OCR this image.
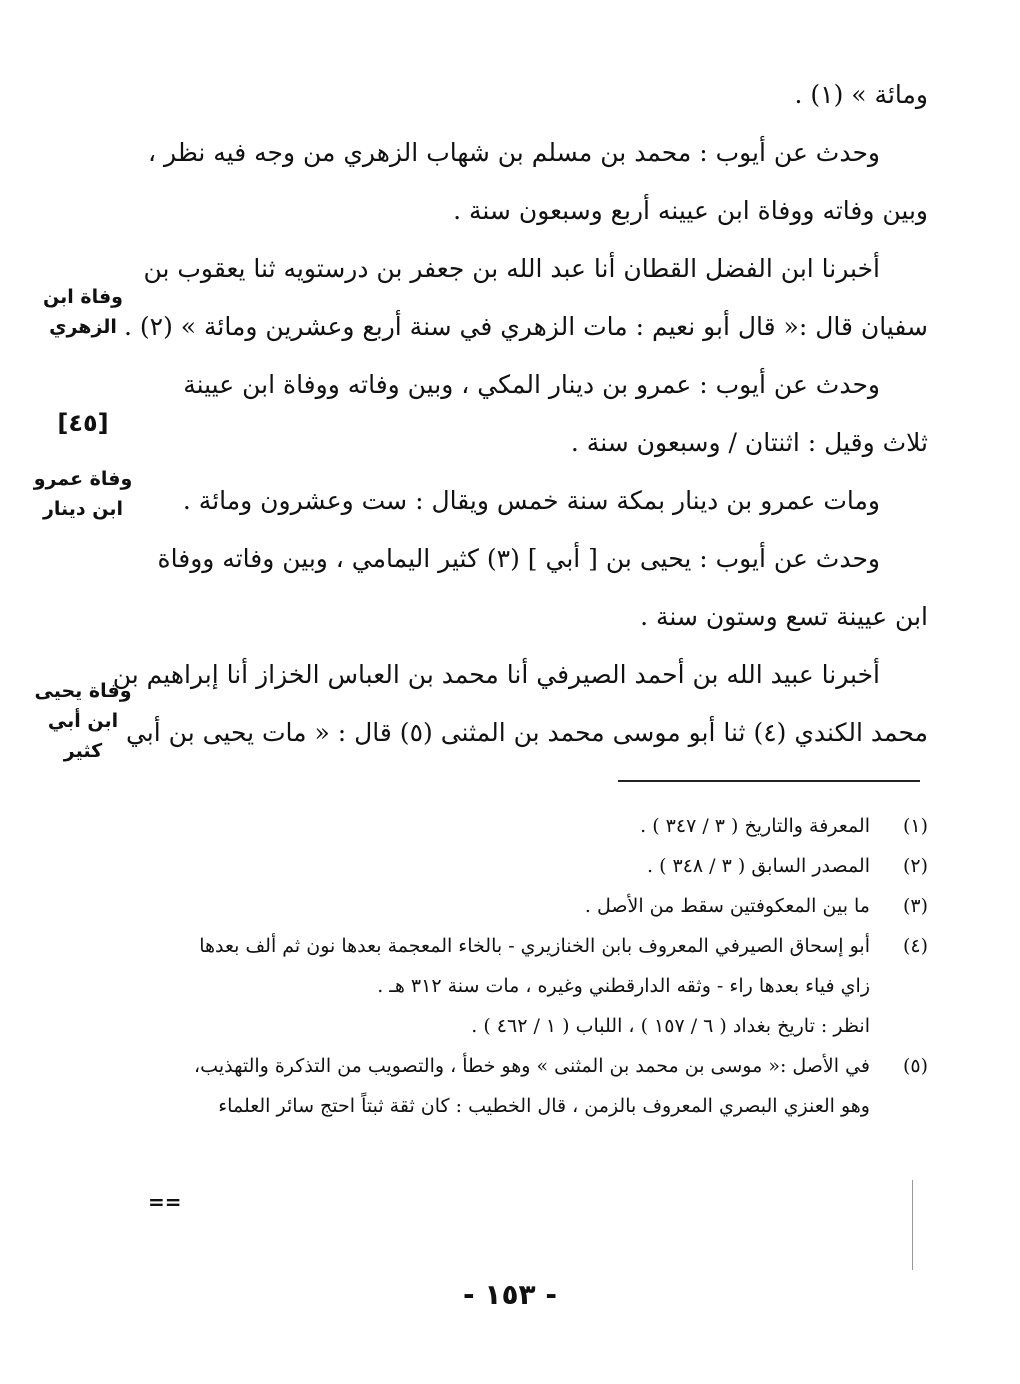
ومائة » (١) .
وحدث عن أيوب : محمد بن مسلم بن شهاب الزهري من وجه فيه نظر ،
وبين وفاته ووفاة ابن عيينه أربع وسبعون سنة .
أخبرنا ابن الفضل القطان أنا عبد الله بن جعفر بن درستويه ثنا يعقوب بن
سفيان قال :« قال أبو نعيم : مات الزهري في سنة أربع وعشرين ومائة » (٢) .
وحدث عن أيوب : عمرو بن دينار المكي ، وبين وفاته ووفاة ابن عيينة
ثلاث وقيل : اثنتان / وسبعون سنة .
ومات عمرو بن دينار بمكة سنة خمس ويقال : ست وعشرون ومائة .
وحدث عن أيوب : يحيى بن [ أبي ] (٣) كثير اليمامي ، وبين وفاته ووفاة
ابن عيينة تسع وستون سنة .
أخبرنا عبيد الله بن أحمد الصيرفي أنا محمد بن العباس الخزاز أنا إبراهيم بن
محمد الكندي (٤) ثنا أبو موسى محمد بن المثنى (٥) قال : « مات يحيى بن أبي
وفاة ابن الزهري
[٤٥]
وفاة عمرو ابن دينار
وفاة يحيى ابن أبي كثير
(١)
المعرفة والتاريخ ( ٣ / ٣٤٧ ) .
(٢)
المصدر السابق ( ٣ / ٣٤٨ ) .
(٣)
ما بين المعكوفتين سقط من الأصل .
(٤)
أبو إسحاق الصيرفي المعروف بابن الخنازيري - بالخاء المعجمة بعدها نون ثم ألف بعدها
زاي فياء بعدها راء - وثقه الدارقطني وغيره ، مات سنة ٣١٢ هـ .
انظر : تاريخ بغداد ( ٦ / ١٥٧ ) ، اللباب ( ١ / ٤٦٢ ) .
(٥)
في الأصل :« موسى بن محمد بن المثنى » وهو خطأ ، والتصويب من التذكرة والتهذيب،
وهو العنزي البصري المعروف بالزمن ، قال الخطيب : كان ثقة ثبتاً احتج سائر العلماء
==
- ١٥٣ -
